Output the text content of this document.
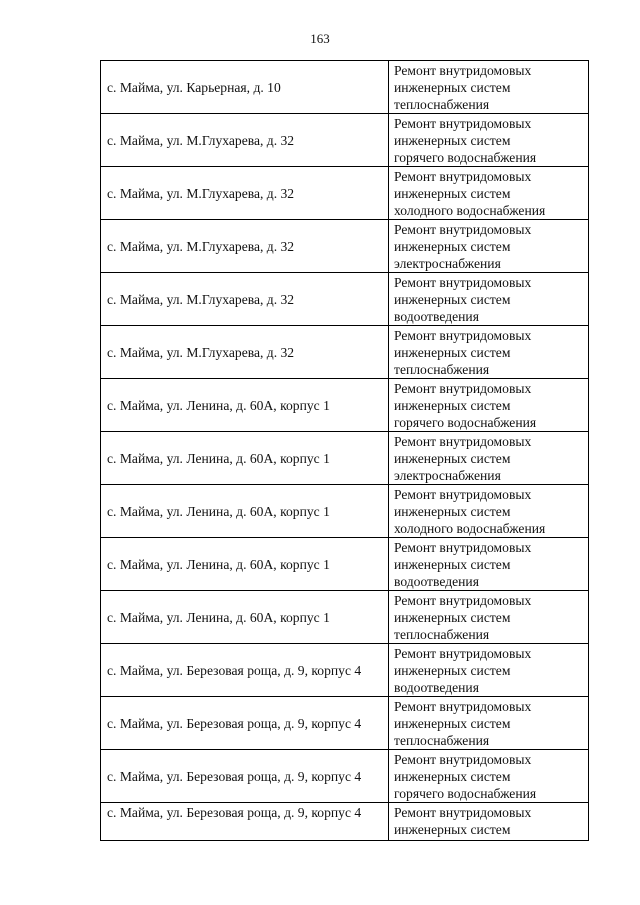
163
с. Майма, ул. Карьерная, д. 10	Ремонт внутридомовых
инженерных систем
теплоснабжения

с. Майма, ул. М.Глухарева, д. 32	Ремонт внутридомовых
инженерных систем
горячего водоснабжения

с. Майма, ул. М.Глухарева, д. 32	Ремонт внутридомовых
инженерных систем
холодного водоснабжения

с. Майма, ул. М.Глухарева, д. 32	Ремонт внутридомовых
инженерных систем
электроснабжения

с. Майма, ул. М.Глухарева, д. 32	Ремонт внутридомовых
инженерных систем
водоотведения

с. Майма, ул. М.Глухарева, д. 32	Ремонт внутридомовых
инженерных систем
теплоснабжения

с. Майма, ул. Ленина, д. 60А, корпус 1	Ремонт внутридомовых
инженерных систем
горячего водоснабжения

с. Майма, ул. Ленина, д. 60А, корпус 1	Ремонт внутридомовых
инженерных систем
электроснабжения

с. Майма, ул. Ленина, д. 60А, корпус 1	Ремонт внутридомовых
инженерных систем
холодного водоснабжения

с. Майма, ул. Ленина, д. 60А, корпус 1	Ремонт внутридомовых
инженерных систем
водоотведения

с. Майма, ул. Ленина, д. 60А, корпус 1	Ремонт внутридомовых
инженерных систем
теплоснабжения

с. Майма, ул. Березовая роща, д. 9, корпус 4	Ремонт внутридомовых
инженерных систем
водоотведения

с. Майма, ул. Березовая роща, д. 9, корпус 4	Ремонт внутридомовых
инженерных систем
теплоснабжения

с. Майма, ул. Березовая роща, д. 9, корпус 4	Ремонт внутридомовых
инженерных систем
горячего водоснабжения

с. Майма, ул. Березовая роща, д. 9, корпус 4	Ремонт внутридомовых
инженерных систем
